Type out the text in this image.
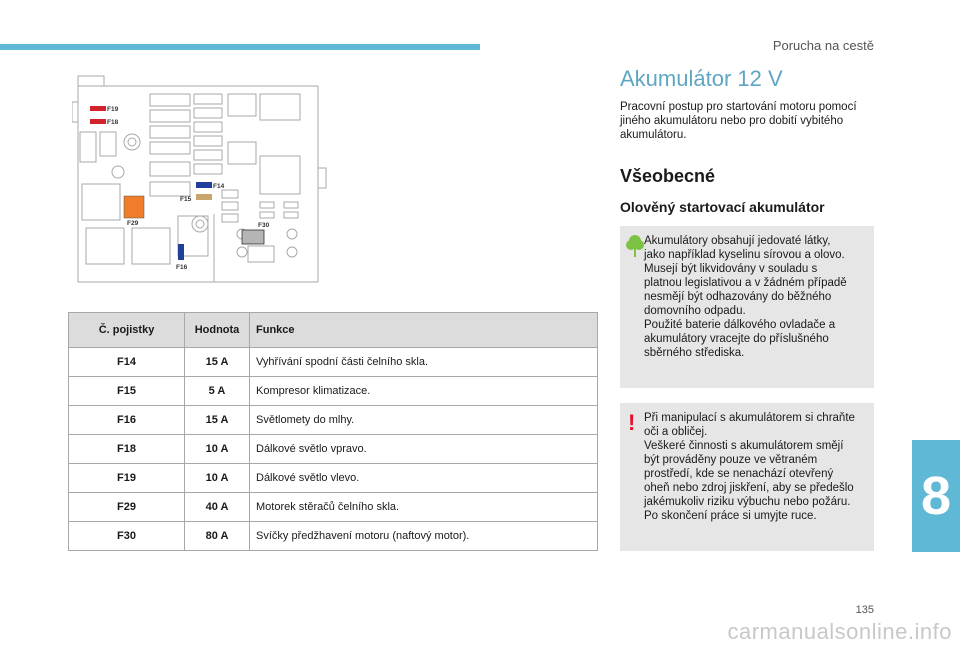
Porucha na cestě
8
135
carmanualsonline.info
F19
F18
F14
F15
F29	F30
F16
Č. pojistky	Hodnota	Funkce
F14	15 A	Vyhřívání spodní části čelního skla.
F15	5 A	Kompresor klimatizace.
F16	15 A	Světlomety do mlhy.
F18	10 A	Dálkové světlo vpravo.
F19	10 A	Dálkové světlo vlevo.
F29	40 A	Motorek stěračů čelního skla.
F30	80 A	Svíčky předžhavení motoru (naftový motor).
Akumulátor 12 V
Pracovní postup pro startování motoru pomocí jiného akumulátoru nebo pro dobití vybitého akumulátoru.
Všeobecné
Olověný startovací akumulátor
Akumulátory obsahují jedovaté látky,
jako například kyselinu sírovou a olovo.
Musejí být likvidovány v souladu s
platnou legislativou a v žádném případě
nesmějí být odhazovány do běžného
domovního odpadu.
Použité baterie dálkového ovladače a
akumulátory vracejte do příslušného
sběrného střediska.
! Při manipulací s akumulátorem si chraňte
oči a obličej.
Veškeré činnosti s akumulátorem smějí
být prováděny pouze ve větraném
prostředí, kde se nenachází otevřený
oheň nebo zdroj jiskření, aby se předešlo
jakémukoliv riziku výbuchu nebo požáru.
Po skončení práce si umyjte ruce.
